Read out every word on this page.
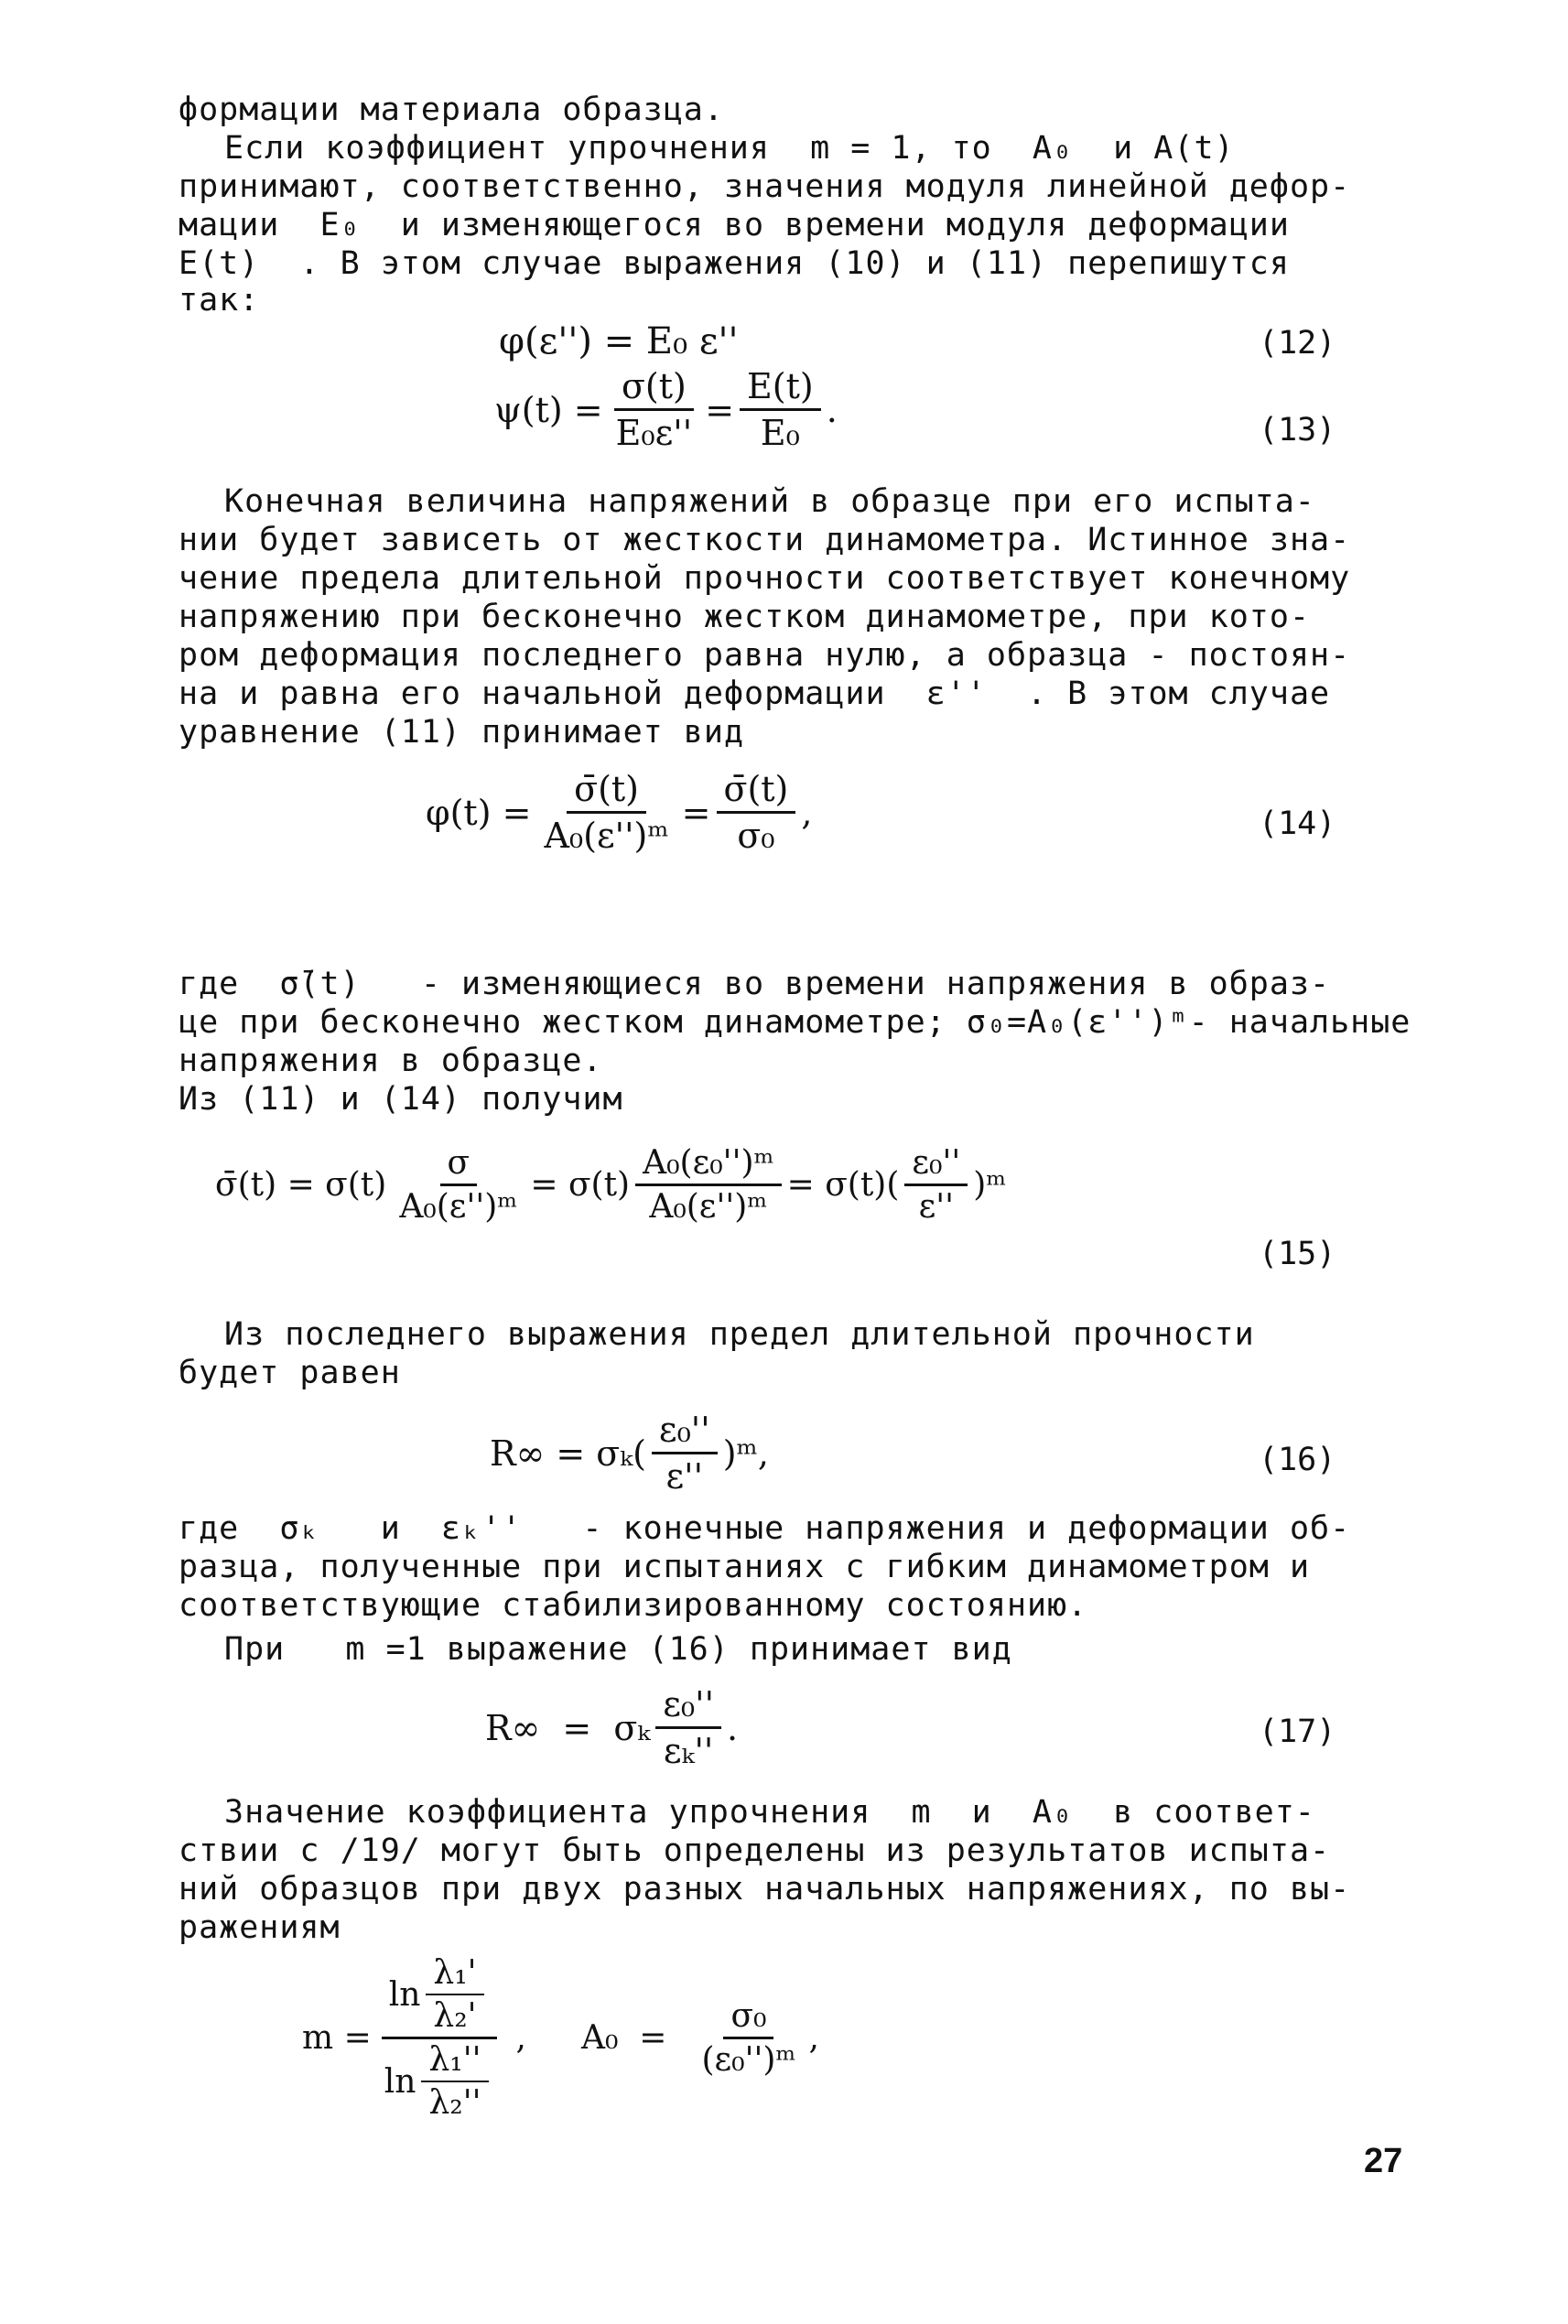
формации материала образца.
Если коэффициент упрочнения  m = 1, то  A₀  и A(t)
принимают, соответственно, значения модуля линейной дефор-
мации  E₀  и изменяющегося во времени модуля деформации
E(t)  . В этом случае выражения (10) и (11) перепишутся
так:
φ(ε'') = E₀ ε''	(12)
$\psi(t) = \frac{\sigma(t)}{\text{E₀ε''}} = \frac{E(t)}{\text{E₀}}$ .
(13)
Конечная величина напряжений в образце при его испыта-
нии будет зависеть от жесткости динамометра. Истинное зна-
чение предела длительной прочности соответствует конечному
напряжению при бесконечно жестком динамометре, при кото-
ром деформация последнего равна нулю, а образца - постоян-
на и равна его начальной деформации  ε''  . В этом случае
уравнение (11) принимает вид
$\varphi(t) = \frac{\sigmā(t)}{\text{A₀(ε'')ᵐ}} = \frac{\sigmā(t)}{\text{σ₀}}$ ,	(14)
где  σ̄(t)   - изменяющиеся во времени напряжения в образ-
це при бесконечно жестком динамометре; σ₀=A₀(ε'')ᵐ- начальные
напряжения в образце.
Из (11) и (14) получим
σ̄(t) = $\sigma(t) \frac{\sigma}{\text{A₀(ε'')ᵐ}} = \sigma(t) \frac{\text{A₀(ε₀'')ᵐ}}{\text{A₀(ε'')ᵐ}} = \sigma(t)( \frac{\text{ε₀''}}{\varepsilon''}$ )ᵐ
(15)
Из последнего выражения предел длительной прочности
будет равен
$R\infty = \sigma_k( \frac{\text{ε₀''}}{\varepsilon''}$ )ᵐ,	(16)
где  σₖ   и  εₖ''   - конечные напряжения и деформации об-
разца, полученные при испытаниях с гибким динамометром и
соответствующие стабилизированному состоянию.
При   m =1 выражение (16) принимает вид
R∞  =  σₖ $\frac{\text{ε₀''}}{\text{εₖ''}}$ .	(17)
Значение коэффициента упрочнения  m  и  A₀  в соответ-
ствии с /19/ могут быть определены из результатов испыта-
ний образцов при двух разных начальных напряжениях, по вы-
ражениям
$m = \frac{\ln \frac{\text{λ₁'}}{\text{λ₂'}}}{\ln \frac{\text{λ₁''}}{\text{λ₂''}}}$ , $A_0 = \frac{\text{σ₀}}{\text{(ε₀'')ᵐ}}$ ,
27
